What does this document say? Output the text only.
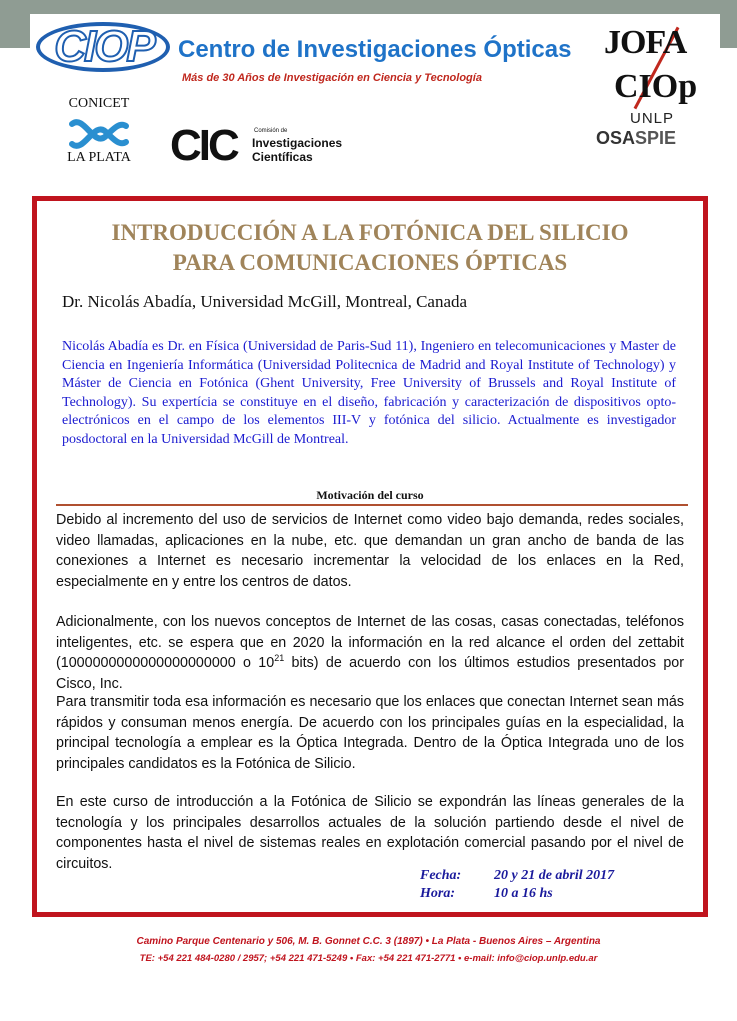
CIOP	Centro de Investigaciones Ópticas
Más de 30 Años de Investigación en Ciencia y Tecnología
JOFA
CIOp
UNLP
OSASPIE
CONICET
LA PLATA CIC	Comisión de
Investigaciones
Científicas
INTRODUCCIÓN A LA FOTÓNICA DEL SILICIO
PARA COMUNICACIONES ÓPTICAS
Dr. Nicolás Abadía, Universidad McGill, Montreal, Canada
Nicolás Abadía es Dr. en Física (Universidad de Paris-Sud 11), Ingeniero en telecomunicaciones y Master de Ciencia en Ingeniería Informática (Universidad Politecnica de Madrid and Royal Institute of Technology) y Máster de Ciencia en Fotónica (Ghent University, Free University of Brussels and Royal Institute of Technology). Su expertícia se constituye en el diseño, fabricación y caracterización de dispositivos opto-electrónicos en el campo de los elementos III-V y fotónica del silicio. Actualmente es investigador posdoctoral en la Universidad McGill de Montreal.
Motivación del curso
Debido al incremento del uso de servicios de Internet como video bajo demanda, redes sociales, video llamadas, aplicaciones en la nube, etc. que demandan un gran ancho de banda de las conexiones a Internet es necesario incrementar la velocidad de los enlaces en la Red, especialmente en y entre los centros de datos.
Adicionalmente, con los nuevos conceptos de Internet de las cosas, casas conectadas, teléfonos inteligentes, etc. se espera que en 2020 la información en la red alcance el orden del zettabit (1000000000000000000000 o $10^{21}$ bits) de acuerdo con los últimos estudios presentados por Cisco, Inc.
Para transmitir toda esa información es necesario que los enlaces que conectan Internet sean más rápidos y consuman menos energía. De acuerdo con los principales guías en la especialidad, la principal tecnología a emplear es la Óptica Integrada. Dentro de la Óptica Integrada uno de los principales candidatos es la Fotónica de Silicio.
En este curso de introducción a la Fotónica de Silicio se expondrán las líneas generales de la tecnología y los principales desarrollos actuales de la solución partiendo desde el nivel de componentes hasta el nivel de sistemas reales en explotación comercial pasando por el nivel de circuitos.
Fecha: 20 y 21 de abril 2017
Hora:	10 a 16 hs
Camino Parque Centenario y 506, M. B. Gonnet C.C. 3 (1897) • La Plata - Buenos Aires – Argentina
TE: +54 221 484-0280 / 2957; +54 221 471-5249 • Fax: +54 221 471-2771 • e-mail: info@ciop.unlp.edu.ar
